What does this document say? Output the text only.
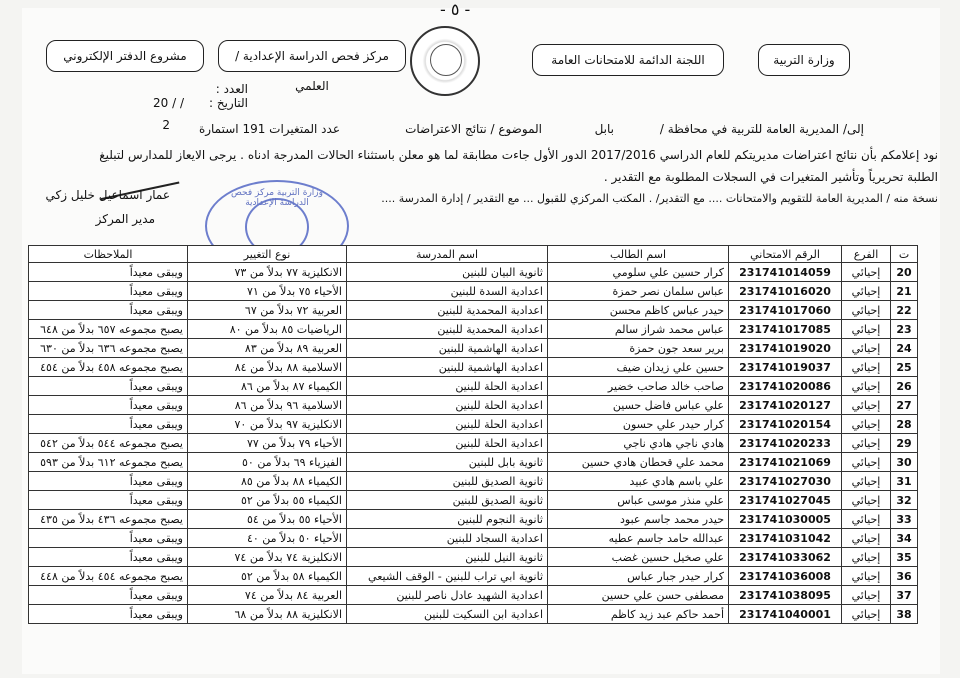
- ٥ -
وزارة التربية
اللجنة الدائمة للامتحانات العامة
مركز فحص الدراسة الإعدادية / العلمي
مشروع الدفتر الإلكتروني
العدد :
التاريخ :
/ / 20
إلى/ المديرية العامة للتربية في محافظة /
بابل
الموضوع / نتائج الاعتراضات
عدد المتغيرات 191 استمارة
2
نود إعلامكم بأن نتائج اعتراضات مديريتكم للعام الدراسي 2017/2016 الدور الأول جاءت مطابقة لما هو معلن باستثناء الحالات المدرجة ادناه . يرجى الايعاز للمدارس لتبليغ
الطلبة تحريرياً وتأشير المتغيرات في السجلات المطلوبة مع التقدير .
نسخة منه / المديرية العامة للتقويم والامتحانات .... مع التقدير/ . المكتب المركزي للقبول ... مع التقدير / إدارة المدرسة ....
عمار اسماعيل خليل زكي
مدير المركز
وزارة التربية مركز فحص الدراسة الإعدادية
ت	الفرع	الرقم الامتحاني	اسم الطالب	اسم المدرسة	نوع التغيير	الملاحظات
20	إحيائي	231741014059	كرار حسين علي سلومي	ثانوية البيان للبنين	الانكليزية ٧٧ بدلاً من ٧٣	ويبقى معيداً
21	إحيائي	231741016020	عباس سلمان نصر حمزة	اعدادية السدة للبنين	الأحياء ٧٥ بدلاً من ٧١	ويبقى معيداً
22	إحيائي	231741017060	حيدر عباس كاظم محسن	اعدادية المحمدية للبنين	العربية ٧٢ بدلاً من ٦٧	ويبقى معيداً
23	إحيائي	231741017085	عباس محمد شراز سالم	اعدادية المحمدية للبنين	الرياضيات ٨٥ بدلاً من ٨٠	يصبح مجموعه ٦٥٧ بدلاً من ٦٤٨
24	إحيائي	231741019020	برير سعد جون حمزة	اعدادية الهاشمية للبنين	العربية ٨٩ بدلاً من ٨٣	يصبح مجموعه ٦٣٦ بدلاً من ٦٣٠
25	إحيائي	231741019037	حسين علي زيدان ضيف	اعدادية الهاشمية للبنين	الاسلامية ٨٨ بدلاً من ٨٤	يصبح مجموعه ٤٥٨ بدلاً من ٤٥٤
26	إحيائي	231741020086	صاحب خالد صاحب خضير	اعدادية الحلة للبنين	الكيمياء ٨٧ بدلاً من ٨٦	ويبقى معيداً
27	إحيائي	231741020127	علي عباس فاضل حسين	اعدادية الحلة للبنين	الاسلامية ٩٦ بدلاً من ٨٦	ويبقى معيداً
28	إحيائي	231741020154	كرار حيدر علي حسون	اعدادية الحلة للبنين	الانكليزية ٩٧ بدلاً من ٧٠	ويبقى معيداً
29	إحيائي	231741020233	هادي ناجي هادي ناجي	اعدادية الحلة للبنين	الأحياء ٧٩ بدلاً من ٧٧	يصبح مجموعه ٥٤٤ بدلاً من ٥٤٢
30	إحيائي	231741021069	محمد علي قحطان هادي حسين	ثانوية بابل للبنين	الفيزياء ٦٩ بدلاً من ٥٠	يصبح مجموعه ٦١٢ بدلاً من ٥٩٣
31	إحيائي	231741027030	علي باسم هادي عبيد	ثانوية الصديق للبنين	الكيمياء ٨٨ بدلاً من ٨٥	ويبقى معيداً
32	إحيائي	231741027045	علي منذر موسى عباس	ثانوية الصديق للبنين	الكيمياء ٥٥ بدلاً من ٥٢	ويبقى معيداً
33	إحيائي	231741030005	حيدر محمد جاسم عبود	ثانوية النجوم للبنين	الأحياء ٥٥ بدلاً من ٥٤	يصبح مجموعه ٤٣٦ بدلاً من ٤٣٥
34	إحيائي	231741031042	عبدالله حامد جاسم عطيه	اعدادية السجاد للبنين	الأحياء ٥٠ بدلاً من ٤٠	ويبقى معيداً
35	إحيائي	231741033062	علي صخيل حسين غضب	ثانوية النيل للبنين	الانكليزية ٧٤ بدلاً من ٧٤	ويبقى معيداً
36	إحيائي	231741036008	كرار حيدر جبار عباس	ثانوية ابي تراب للبنين - الوقف الشيعي	الكيمياء ٥٨ بدلاً من ٥٢	يصبح مجموعه ٤٥٤ بدلاً من ٤٤٨
37	إحيائي	231741038095	مصطفى حسن علي حسين	اعدادية الشهيد عادل ناصر للبنين	العربية ٨٤ بدلاً من ٧٤	ويبقى معيداً
38	إحيائي	231741040001	أحمد حاكم عبد زيد كاظم	اعدادية ابن السكيت للبنين	الانكليزية ٨٨ بدلاً من ٦٨	ويبقى معيداً
